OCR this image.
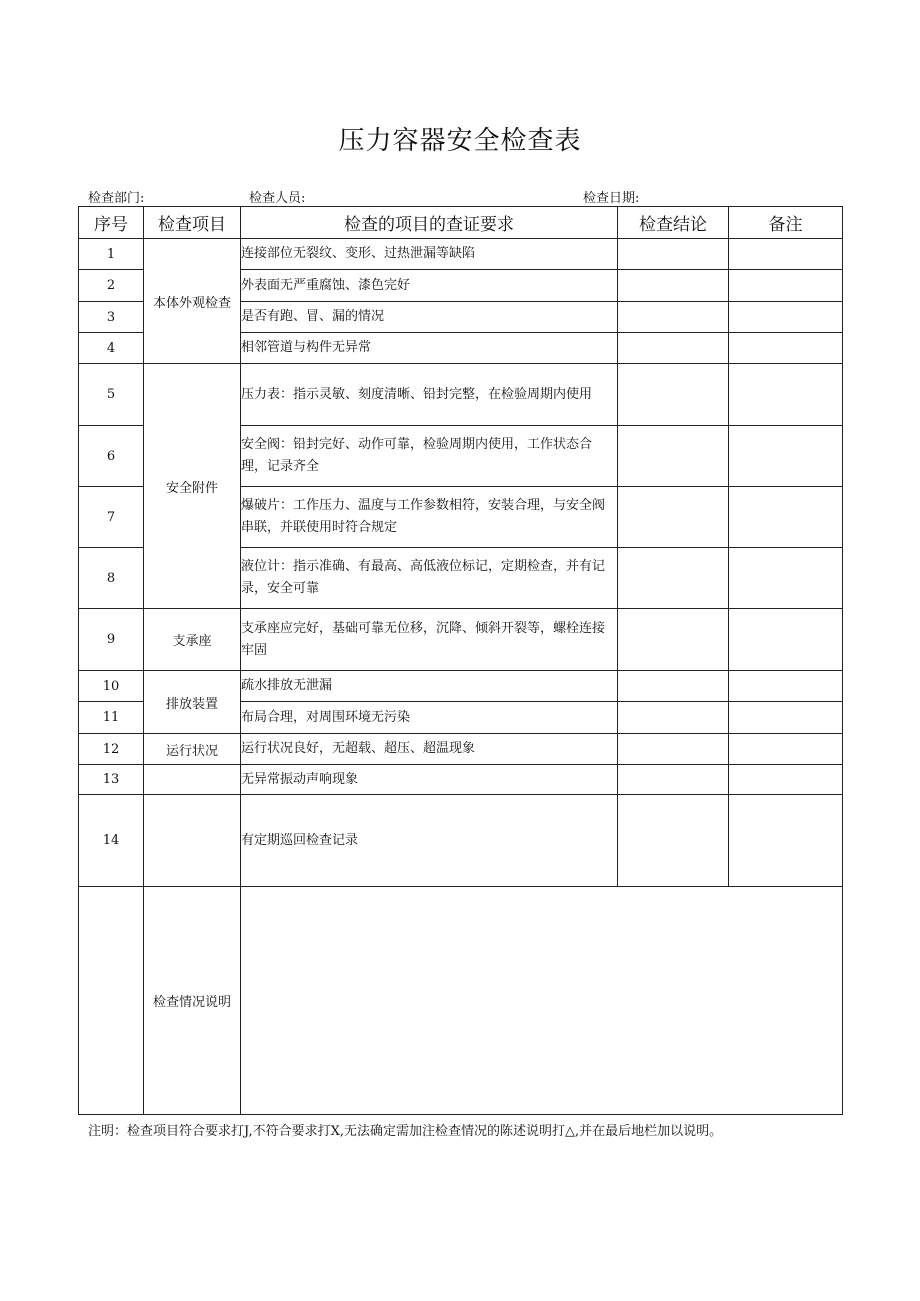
压力容器安全检查表
检查部门:	检查人员:	检查日期:
序号	检查项目	检查的项目的查证要求	检查结论	备注
1	本体外观检查	连接部位无裂纹、变形、过热泄漏等缺陷		
2		外表面无严重腐蚀、漆色完好		
3		是否有跑、冒、漏的情况		
4		相邻管道与构件无异常		
5	安全附件	压力表：指示灵敏、刻度清晰、铅封完整，在检验周期内使用		
6		安全阀：铅封完好、动作可靠，检验周期内使用，工作状态合理，记录齐全		
7		爆破片：工作压力、温度与工作参数相符，安装合理，与安全阀串联，并联使用时符合规定		
8		液位计：指示准确、有最高、高低液位标记，定期检查，并有记录，安全可靠		
9	支承座	支承座应完好，基础可靠无位移，沉降、倾斜开裂等，螺栓连接牢固		
10	排放装置	疏水排放无泄漏		
11		布局合理，对周围环境无污染		
12	运行状况	运行状况良好，无超载、超压、超温现象		
13		无异常振动声响现象		
14		有定期巡回检查记录		
	检查情况说明			
注明：检查项目符合要求打J,不符合要求打X,无法确定需加注检查情况的陈述说明打△,并在最后地栏加以说明。
